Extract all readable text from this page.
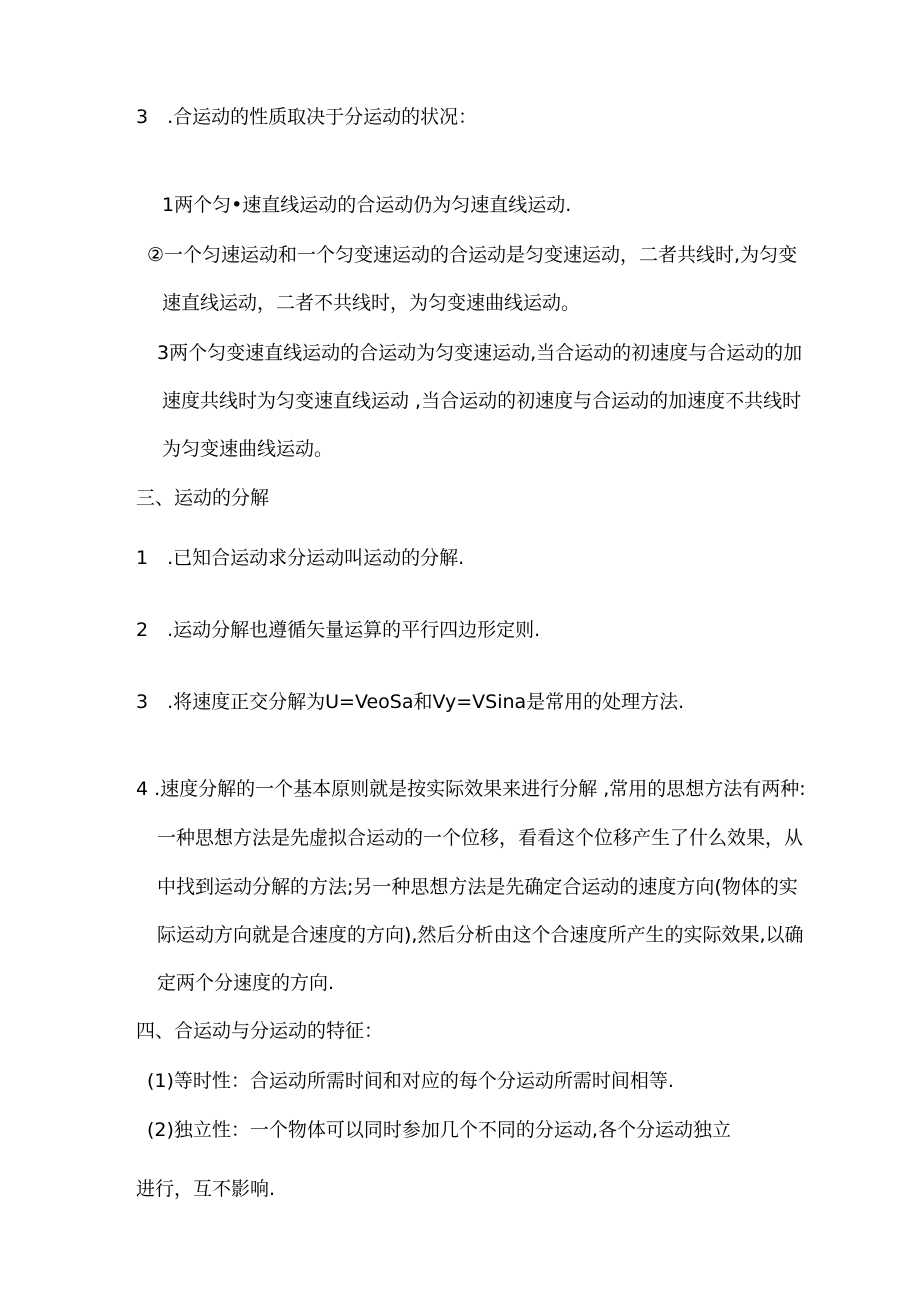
3　.合运动的性质取决于分运动的状况：
1两个匀•速直线运动的合运动仍为匀速直线运动.
②一个匀速运动和一个匀变速运动的合运动是匀变速运动，二者共线时,为匀变
速直线运动，二者不共线时，为匀变速曲线运动。
3两个匀变速直线运动的合运动为匀变速运动,当合运动的初速度与合运动的加
速度共线时为匀变速直线运动 ,当合运动的初速度与合运动的加速度不共线时
为匀变速曲线运动。
三、运动的分解
1　.已知合运动求分运动叫运动的分解.
2　.运动分解也遵循矢量运算的平行四边形定则.
3　.将速度正交分解为U=VeoSa和Vy=VSina是常用的处理方法.
4 .速度分解的一个基本原则就是按实际效果来进行分解 ,常用的思想方法有两种:
一种思想方法是先虚拟合运动的一个位移，看看这个位移产生了什么效果，从
中找到运动分解的方法;另一种思想方法是先确定合运动的速度方向(物体的实
际运动方向就是合速度的方向),然后分析由这个合速度所产生的实际效果,以确
定两个分速度的方向.
四、合运动与分运动的特征：
(1)等时性：合运动所需时间和对应的每个分运动所需时间相等.
(2)独立性：一个物体可以同时参加几个不同的分运动,各个分运动独立
进行，互不影响.
